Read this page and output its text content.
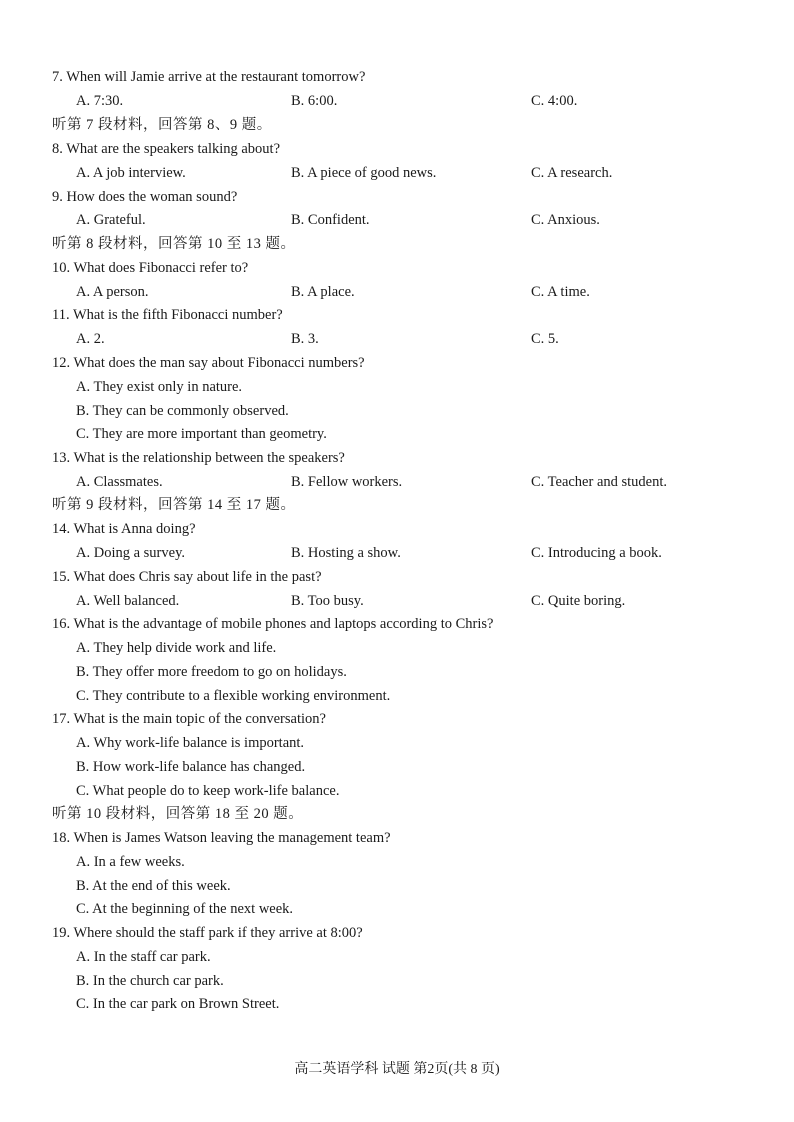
7. When will Jamie arrive at the restaurant tomorrow?
A. 7:30.	B. 6:00.	C. 4:00.
听第 7 段材料，回答第 8、9 题。
8. What are the speakers talking about?
A. A job interview.	B. A piece of good news.	C. A research.
9. How does the woman sound?
A. Grateful.	B. Confident.	C. Anxious.
听第 8 段材料，回答第 10 至 13 题。
10. What does Fibonacci refer to?
A. A person.	B. A place.	C. A time.
11. What is the fifth Fibonacci number?
A. 2.	B. 3.	C. 5.
12. What does the man say about Fibonacci numbers?
A. They exist only in nature.
B. They can be commonly observed.
C. They are more important than geometry.
13. What is the relationship between the speakers?
A. Classmates.	B. Fellow workers.	C. Teacher and student.
听第 9 段材料，回答第 14 至 17 题。
14. What is Anna doing?
A. Doing a survey.	B. Hosting a show.	C. Introducing a book.
15. What does Chris say about life in the past?
A. Well balanced.	B. Too busy.	C. Quite boring.
16. What is the advantage of mobile phones and laptops according to Chris?
A. They help divide work and life.
B. They offer more freedom to go on holidays.
C. They contribute to a flexible working environment.
17. What is the main topic of the conversation?
A. Why work-life balance is important.
B. How work-life balance has changed.
C. What people do to keep work-life balance.
听第 10 段材料，回答第 18 至 20 题。
18. When is James Watson leaving the management team?
A. In a few weeks.
B. At the end of this week.
C. At the beginning of the next week.
19. Where should the staff park if they arrive at 8:00?
A. In the staff car park.
B. In the church car park.
C. In the car park on Brown Street.
高二英语学科 试题 第2页(共 8 页)
